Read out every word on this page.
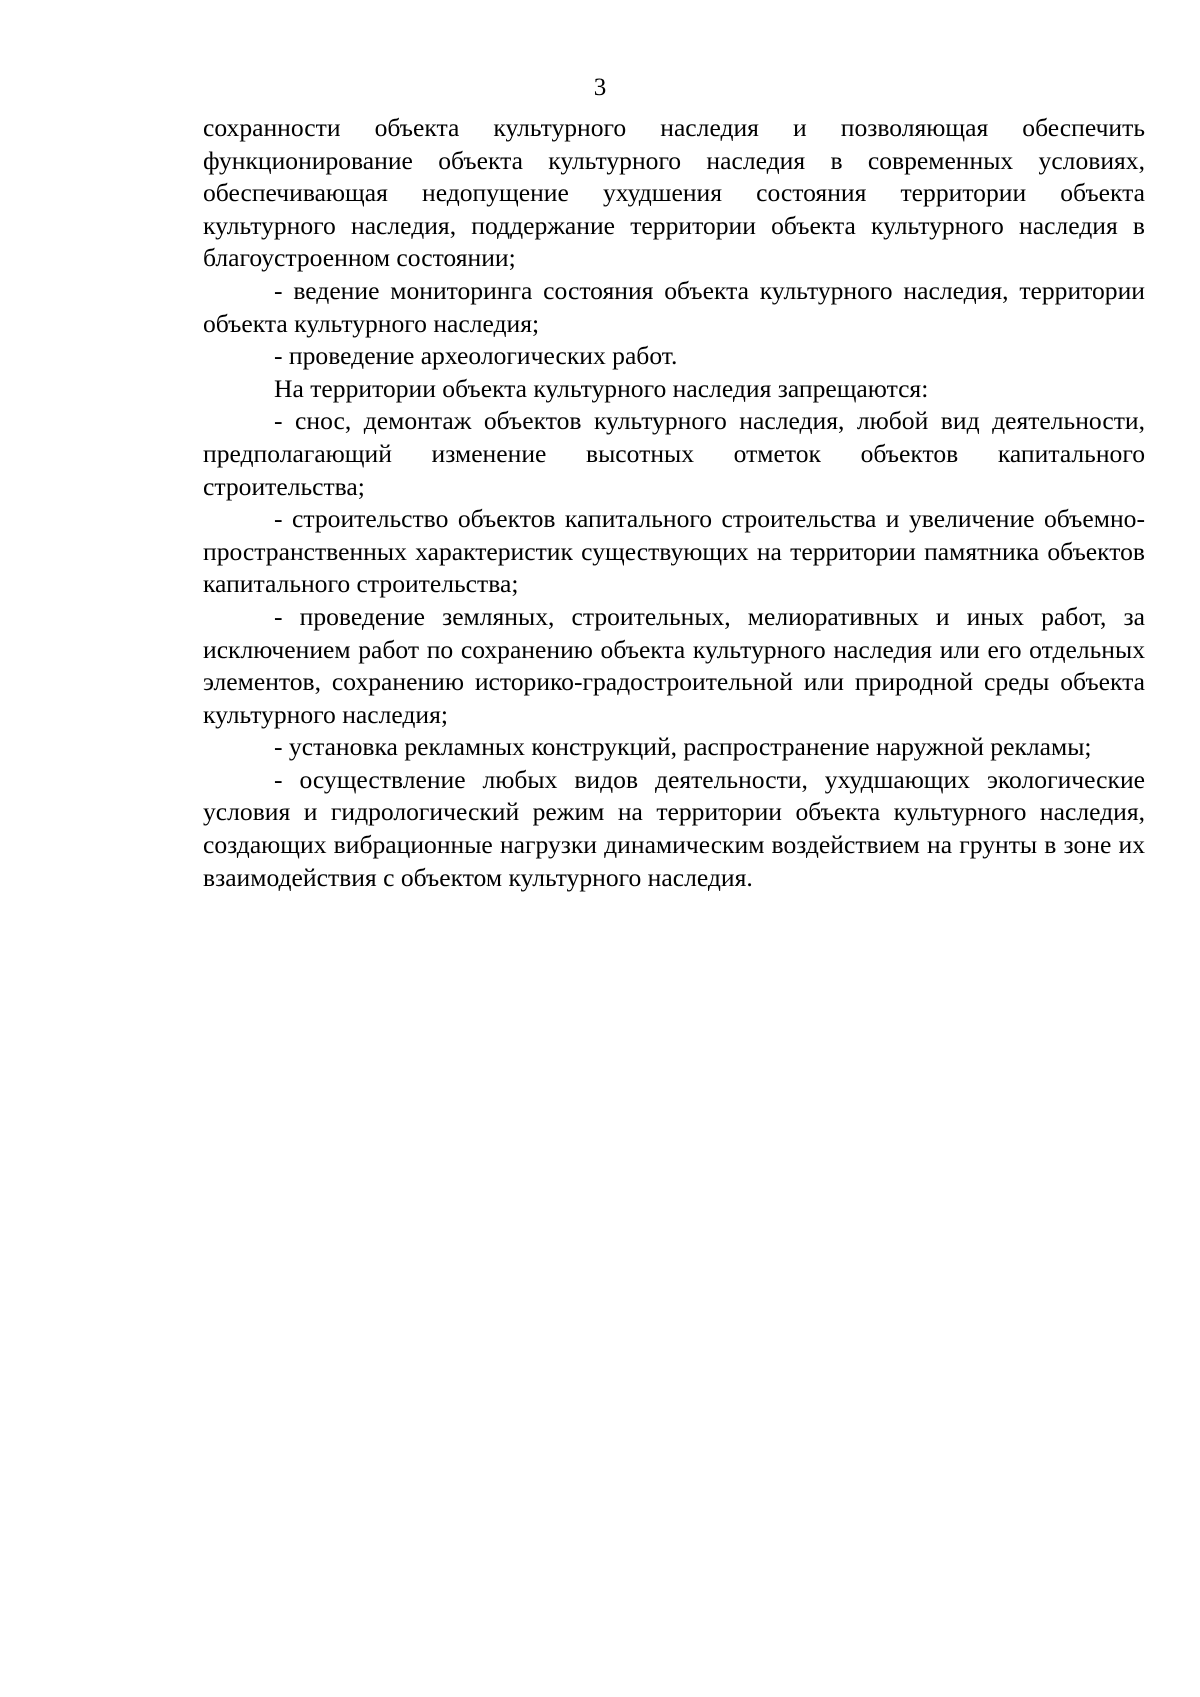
3

сохранности объекта культурного наследия и позволяющая обеспечить функционирование объекта культурного наследия в современных условиях, обеспечивающая недопущение ухудшения состояния территории объекта культурного наследия, поддержание территории объекта культурного наследия в благоустроенном состоянии;

- ведение мониторинга состояния объекта культурного наследия, территории объекта культурного наследия;

- проведение археологических работ.

На территории объекта культурного наследия запрещаются:

- снос, демонтаж объектов культурного наследия, любой вид деятельности, предполагающий изменение высотных отметок объектов капитального строительства;

- строительство объектов капитального строительства и увеличение объемно-пространственных характеристик существующих на территории памятника объектов капитального строительства;

- проведение земляных, строительных, мелиоративных и иных работ, за исключением работ по сохранению объекта культурного наследия или его отдельных элементов, сохранению историко-градостроительной или природной среды объекта культурного наследия;

- установка рекламных конструкций, распространение наружной рекламы;

- осуществление любых видов деятельности, ухудшающих экологические условия и гидрологический режим на территории объекта культурного наследия, создающих вибрационные нагрузки динамическим воздействием на грунты в зоне их взаимодействия с объектом культурного наследия.
